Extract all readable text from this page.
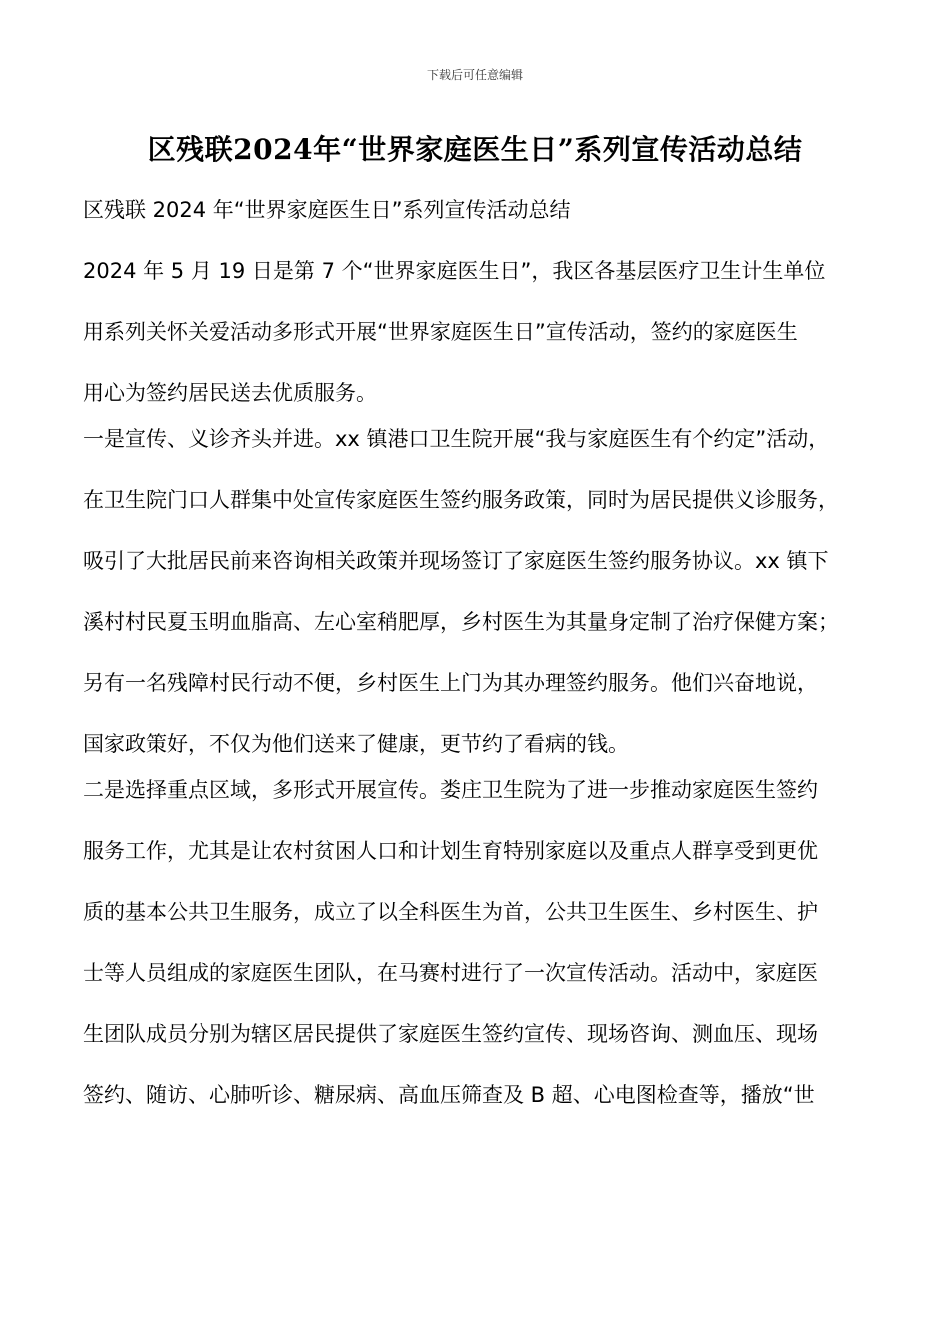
下载后可任意编辑
区残联2024年“世界家庭医生日”系列宣传活动总结
区残联 2024 年“世界家庭医生日”系列宣传活动总结
2024 年 5 月 19 日是第 7 个“世界家庭医生日”，我区各基层医疗卫生计生单位
用系列关怀关爱活动多形式开展“世界家庭医生日”宣传活动，签约的家庭医生
用心为签约居民送去优质服务。
一是宣传、义诊齐头并进。xx 镇港口卫生院开展“我与家庭医生有个约定”活动，
在卫生院门口人群集中处宣传家庭医生签约服务政策，同时为居民提供义诊服务，
吸引了大批居民前来咨询相关政策并现场签订了家庭医生签约服务协议。xx 镇下
溪村村民夏玉明血脂高、左心室稍肥厚，乡村医生为其量身定制了治疗保健方案；
另有一名残障村民行动不便，乡村医生上门为其办理签约服务。他们兴奋地说，
国家政策好，不仅为他们送来了健康，更节约了看病的钱。
二是选择重点区域，多形式开展宣传。娄庄卫生院为了进一步推动家庭医生签约
服务工作，尤其是让农村贫困人口和计划生育特别家庭以及重点人群享受到更优
质的基本公共卫生服务，成立了以全科医生为首，公共卫生医生、乡村医生、护
士等人员组成的家庭医生团队，在马赛村进行了一次宣传活动。活动中，家庭医
生团队成员分别为辖区居民提供了家庭医生签约宣传、现场咨询、测血压、现场
签约、随访、心肺听诊、糖尿病、高血压筛查及 B 超、心电图检查等，播放“世
